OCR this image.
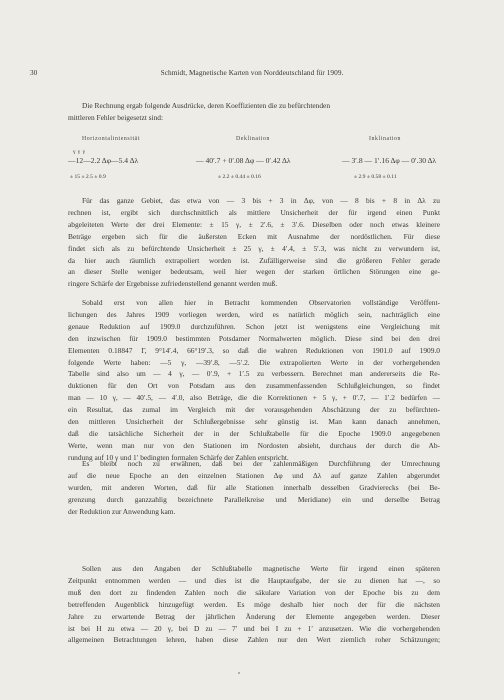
30	Schmidt, Magnetische Karten von Norddeutschland für 1909.
Die Rechnung ergab folgende Ausdrücke, deren Koeffizienten die zu befürchtenden
mittleren Fehler beigesetzt sind:
Horizontalintensität	Deklination	Inklination
γ γ γ
—12—2.2 Δφ—5.4 Δλ	— 40′.7 + 0′.08 Δφ — 0′.42 Δλ	— 3′.8 — 1′.16 Δφ — 0′.30 Δλ
± 15 ± 2.5 ± 0.9	± 2.2 ± 0.44 ± 0.16	± 2.9 ± 0.58 ± 0.11
Für das ganze Gebiet, das etwa von — 3 bis + 3 in Δφ, von — 8 bis + 8 in Δλ zu
rechnen ist, ergibt sich durchschnittlich als mittlere Unsicherheit der für irgend einen Punkt
abgeleiteten Werte der drei Elemente: ± 15 γ, ± 2′.6, ± 3′.6. Dieselben oder noch etwas kleinere
Beträge ergeben sich für die äußersten Ecken mit Ausnahme der nordöstlichen. Für diese
findet sich als zu befürchtende Unsicherheit ± 25 γ, ± 4′.4, ± 5′.3, was nicht zu verwundern ist,
da hier auch räumlich extrapoliert worden ist. Zufälligerweise sind die größeren Fehler gerade
an dieser Stelle weniger bedeutsam, weil hier wegen der starken örtlichen Störungen eine ge-
ringere Schärfe der Ergebnisse zufriedenstellend genannt werden muß.
Sobald erst von allen hier in Betracht kommenden Observatorien vollständige Veröffent-
lichungen des Jahres 1909 vorliegen werden, wird es natürlich möglich sein, nachträglich eine
genaue Reduktion auf 1909.0 durchzuführen. Schon jetzt ist wenigstens eine Vergleichung mit
den inzwischen für 1909.0 bestimmten Potsdamer Normalwerten möglich. Diese sind bei den drei
Elementen 0.18847 Γ, 9°14′.4, 66°19′.3, so daß die wahren Reduktionen von 1901.0 auf 1909.0
folgende Werte haben: —5 γ, —39′.8, —5′.2. Die extrapolierten Werte in der vorhergehenden
Tabelle sind also um — 4 γ, — 0′.9, + 1′.5 zu verbessern. Berechnet man andererseits die Re-
duktionen für den Ort von Potsdam aus den zusammenfassenden Schlußgleichungen, so findet
man — 10 γ, — 40′.5, — 4′.0, also Beträge, die die Korrektionen + 5 γ, + 0′.7, — 1′.2 bedürfen —
ein Resultat, das zumal im Vergleich mit der vorausgehenden Abschätzung der zu befürchten-
den mittleren Unsicherheit der Schlußergebnisse sehr günstig ist. Man kann danach annehmen,
daß die tatsächliche Sicherheit der in der Schlußtabelle für die Epoche 1909.0 angegebenen
Werte, wenn man nur von den Stationen im Nordosten absieht, durchaus der durch die Ab-
rundung auf 10 γ und 1′ bedingten formalen Schärfe der Zahlen entspricht.
Es bleibt noch zu erwähnen, daß bei der zahlenmäßigen Durchführung der Umrechnung
auf die neue Epoche an den einzelnen Stationen Δφ und Δλ auf ganze Zahlen abgerundet
wurden, mit anderen Worten, daß für alle Stationen innerhalb desselben Gradvierecks (bei Be-
grenzung durch ganzzahlig bezeichnete Parallelkreise und Meridiane) ein und derselbe Betrag
der Reduktion zur Anwendung kam.
Sollen aus den Angaben der Schlußtabelle magnetische Werte für irgend einen späteren
Zeitpunkt entnommen werden — und dies ist die Hauptaufgabe, der sie zu dienen hat —, so
muß den dort zu findenden Zahlen noch die säkulare Variation von der Epoche bis zu dem
betreffenden Augenblick hinzugefügt werden. Es möge deshalb hier noch der für die nächsten
Jahre zu erwartende Betrag der jährlichen Änderung der Elemente angegeben werden. Dieser
ist bei H zu etwa — 20 γ, bei D zu — 7′ und bei I zu + 1′ anzusetzen. Wie die vorhergehenden
allgemeinen Betrachtungen lehren, haben diese Zahlen nur den Wert ziemlich roher Schätzungen;
